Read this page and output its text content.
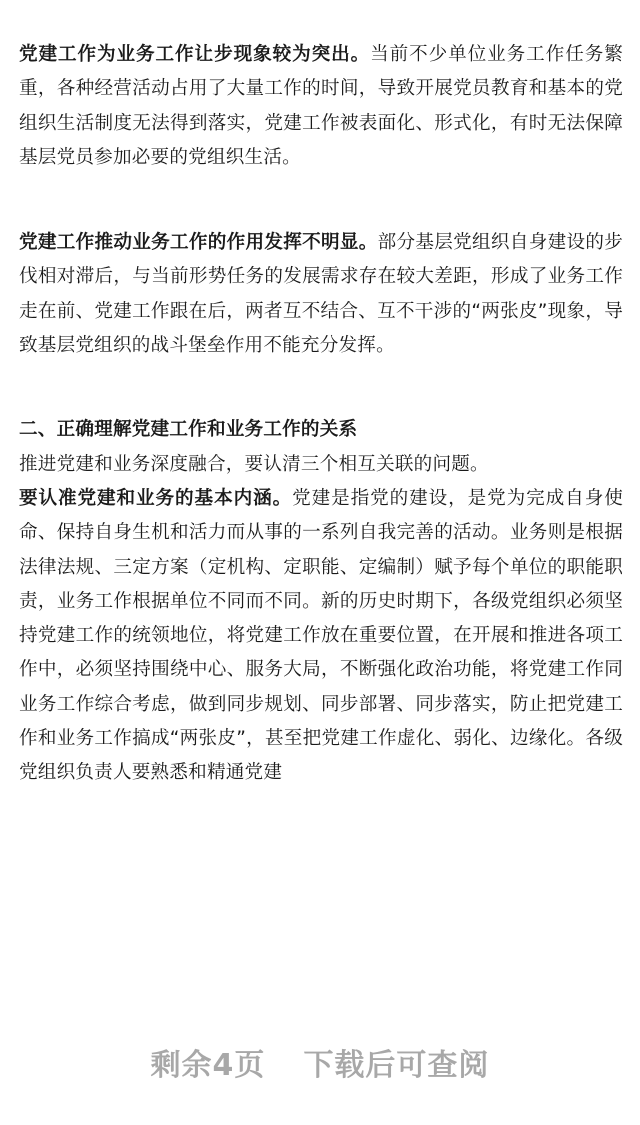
党建工作为业务工作让步现象较为突出。当前不少单位业务工作任务繁重，各种经营活动占用了大量工作的时间，导致开展党员教育和基本的党组织生活制度无法得到落实，党建工作被表面化、形式化，有时无法保障基层党员参加必要的党组织生活。

党建工作推动业务工作的作用发挥不明显。部分基层党组织自身建设的步伐相对滞后，与当前形势任务的发展需求存在较大差距，形成了业务工作走在前、党建工作跟在后，两者互不结合、互不干涉的“两张皮”现象，导致基层党组织的战斗堡垒作用不能充分发挥。

二、正确理解党建工作和业务工作的关系

推进党建和业务深度融合，要认清三个相互关联的问题。

要认准党建和业务的基本内涵。党建是指党的建设，是党为完成自身使命、保持自身生机和活力而从事的一系列自我完善的活动。业务则是根据法律法规、三定方案（定机构、定职能、定编制）赋予每个单位的职能职责，业务工作根据单位不同而不同。新的历史时期下，各级党组织必须坚持党建工作的统领地位，将党建工作放在重要位置，在开展和推进各项工作中，必须坚持围绕中心、服务大局，不断强化政治功能，将党建工作同业务工作综合考虑，做到同步规划、同步部署、同步落实，防止把党建工作和业务工作搞成“两张皮”，甚至把党建工作虚化、弱化、边缘化。各级党组织负责人要熟悉和精通党建

剩余4页 下载后可查阅
